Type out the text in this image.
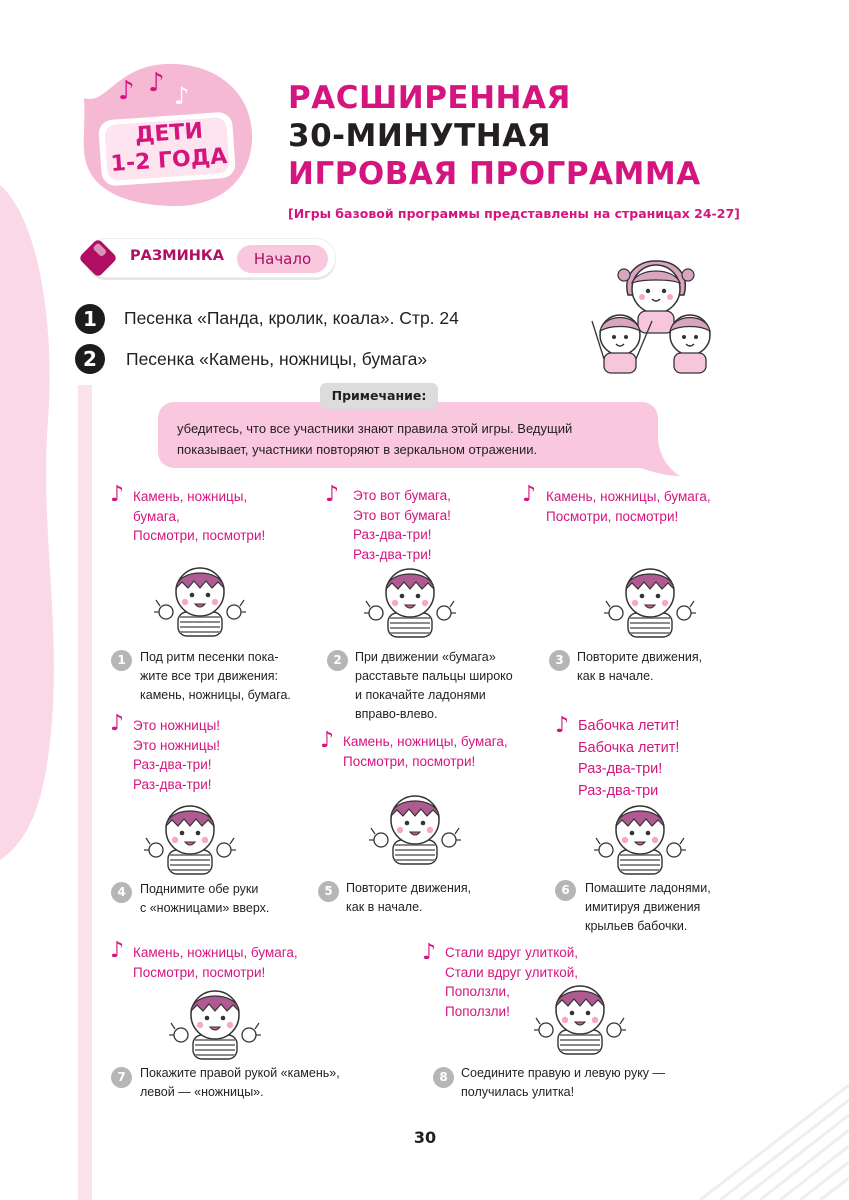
♪ ♪ ♪
ДЕТИ
1-2 ГОДА
РАСШИРЕННАЯ
30-МИНУТНАЯ
ИГРОВАЯ ПРОГРАММА
[Игры базовой программы представлены на страницах 24-27]
РАЗМИНКА	Начало
1	Песенка «Панда, кролик, коала». Стр. 24
2	Песенка «Камень, ножницы, бумага»
Примечание:
убедитесь, что все участники знают правила этой игры. Ведущий показывает, участники повторяют в зеркальном отражении.
♪ Камень, ножницы,
бумага,
Посмотри, посмотри!
1	Под ритм песенки пока-
жите все три движения:
камень, ножницы, бумага.
♪ Это вот бумага,
Это вот бумага!
Раз-два-три!
Раз-два-три!
2	При движении «бумага»
расставьте пальцы широко
и покачайте ладонями
вправо-влево.
♪ Камень, ножницы, бумага,
Посмотри, посмотри!
3	Повторите движения,
как в начале.
♪ Это ножницы!
Это ножницы!
Раз-два-три!
Раз-два-три!
4	Поднимите обе руки
с «ножницами» вверх.
♪ Камень, ножницы, бумага,
Посмотри, посмотри!
5	Повторите движения,
как в начале.
♪ Бабочка летит!
Бабочка летит!
Раз-два-три!
Раз-два-три
6	Помашите ладонями,
имитируя движения
крыльев бабочки.
♪ Камень, ножницы, бумага,
Посмотри, посмотри!
7	Покажите правой рукой «камень»,
левой — «ножницы».
♪ Стали вдруг улиткой,
Стали вдруг улиткой,
Поползли,
Поползли!
8	Соедините правую и левую руку —
получилась улитка!
30
